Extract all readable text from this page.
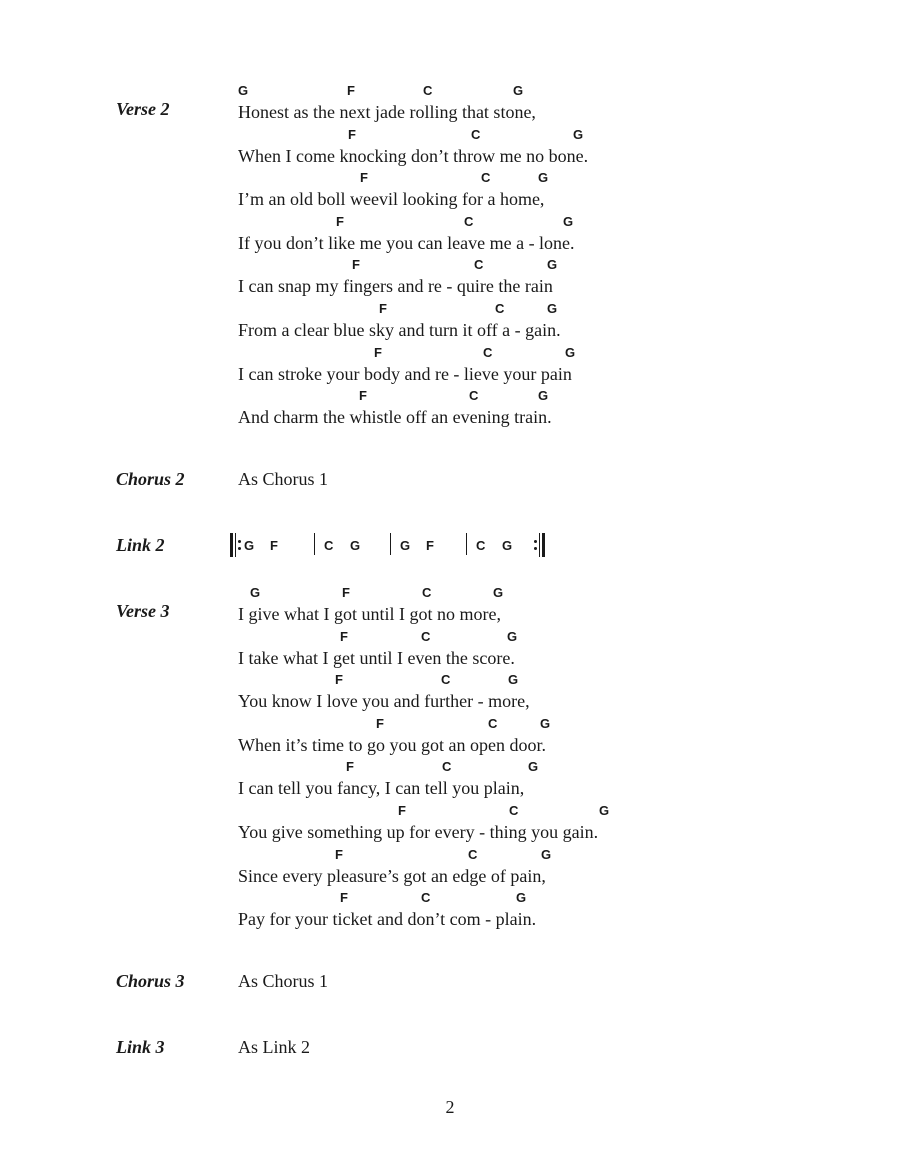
Verse 2
G	F	C	G
Honest as the next jade rolling that stone,
F	C	G
When I come knocking don’t throw me no bone.
F	C	G
I’m an old boll weevil looking for a home,
F	C	G
If you don’t like me you can leave me a - lone.
F	C	G
I can snap my fingers and re - quire the rain
F	C	G
From a clear blue sky and turn it off a - gain.
F	C	G
I can stroke your body and re - lieve your pain
F	C	G
And charm the whistle off an evening train.
Chorus 2	As Chorus 1
Link 2	G F	C G	G F	C G
Verse 3
G	F	C	G
I give what I got until I got no more,
F	C	G
I take what I get until I even the score.
F	C	G
You know I love you and further - more,
F	C	G
When it’s time to go you got an open door.
F	C	G
I can tell you fancy, I can tell you plain,
F	C	G
You give something up for every - thing you gain.
F	C	G
Since every pleasure’s got an edge of pain,
F	C	G
Pay for your ticket and don’t com - plain.
Chorus 3	As Chorus 1
Link 3	As Link 2
2
